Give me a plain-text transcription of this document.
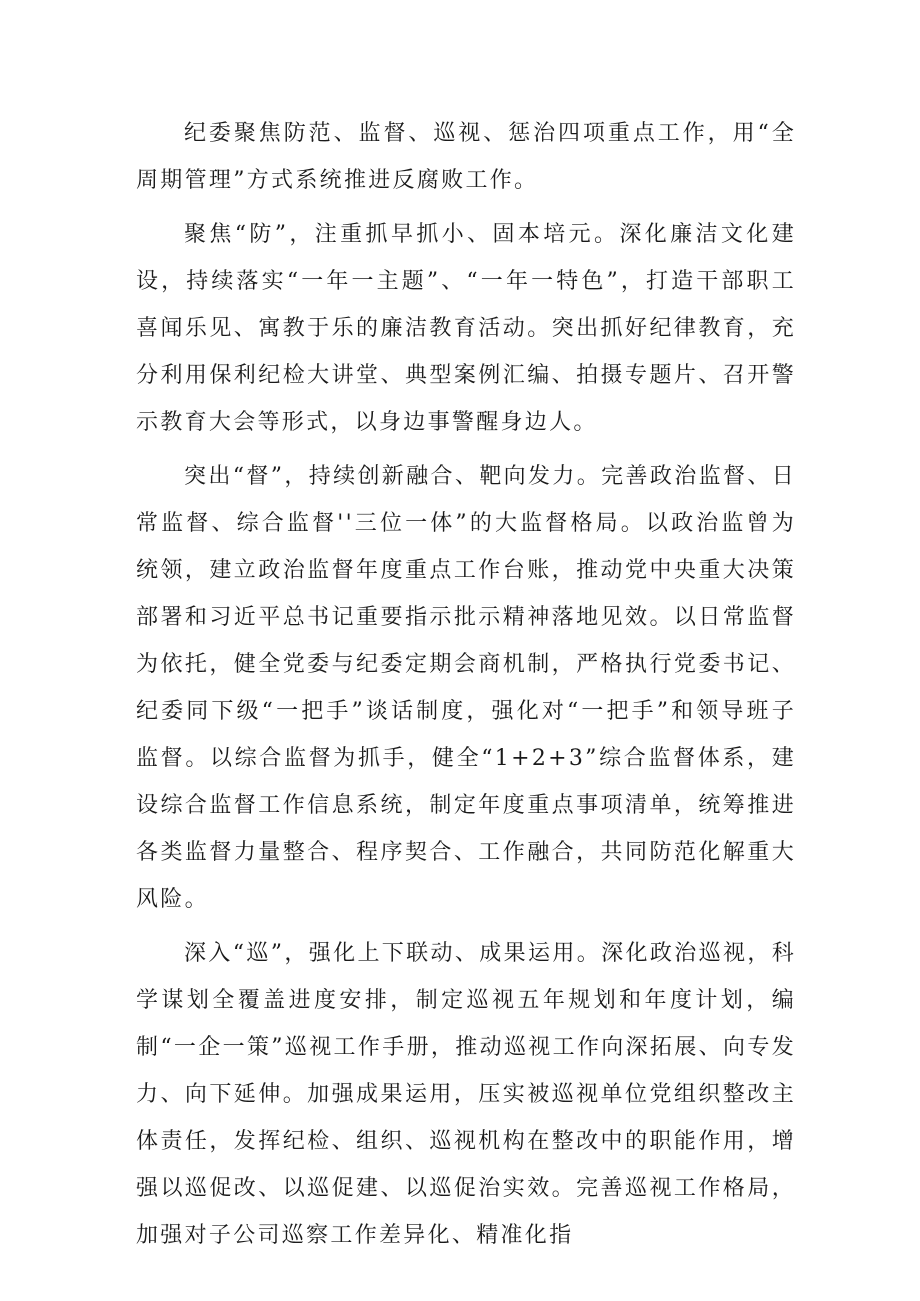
纪委聚焦防范、监督、巡视、惩治四项重点工作，用“全周期管理”方式系统推进反腐败工作。

聚焦“防”，注重抓早抓小、固本培元。深化廉洁文化建设，持续落实“一年一主题”、“一年一特色”，打造干部职工喜闻乐见、寓教于乐的廉洁教育活动。突出抓好纪律教育，充分利用保利纪检大讲堂、典型案例汇编、拍摄专题片、召开警示教育大会等形式，以身边事警醒身边人。

突出“督”，持续创新融合、靶向发力。完善政治监督、日常监督、综合监督''三位一体”的大监督格局。以政治监曾为统领，建立政治监督年度重点工作台账，推动党中央重大决策部署和习近平总书记重要指示批示精神落地见效。以日常监督为依托，健全党委与纪委定期会商机制，严格执行党委书记、纪委同下级“一把手”谈话制度，强化对“一把手”和领导班子监督。以综合监督为抓手，健全“1+2+3”综合监督体系，建设综合监督工作信息系统，制定年度重点事项清单，统筹推进各类监督力量整合、程序契合、工作融合，共同防范化解重大风险。

深入“巡”，强化上下联动、成果运用。深化政治巡视，科学谋划全覆盖进度安排，制定巡视五年规划和年度计划，编制“一企一策”巡视工作手册，推动巡视工作向深拓展、向专发力、向下延伸。加强成果运用，压实被巡视单位党组织整改主体责任，发挥纪检、组织、巡视机构在整改中的职能作用，增强以巡促改、以巡促建、以巡促治实效。完善巡视工作格局，加强对子公司巡察工作差异化、精准化指
